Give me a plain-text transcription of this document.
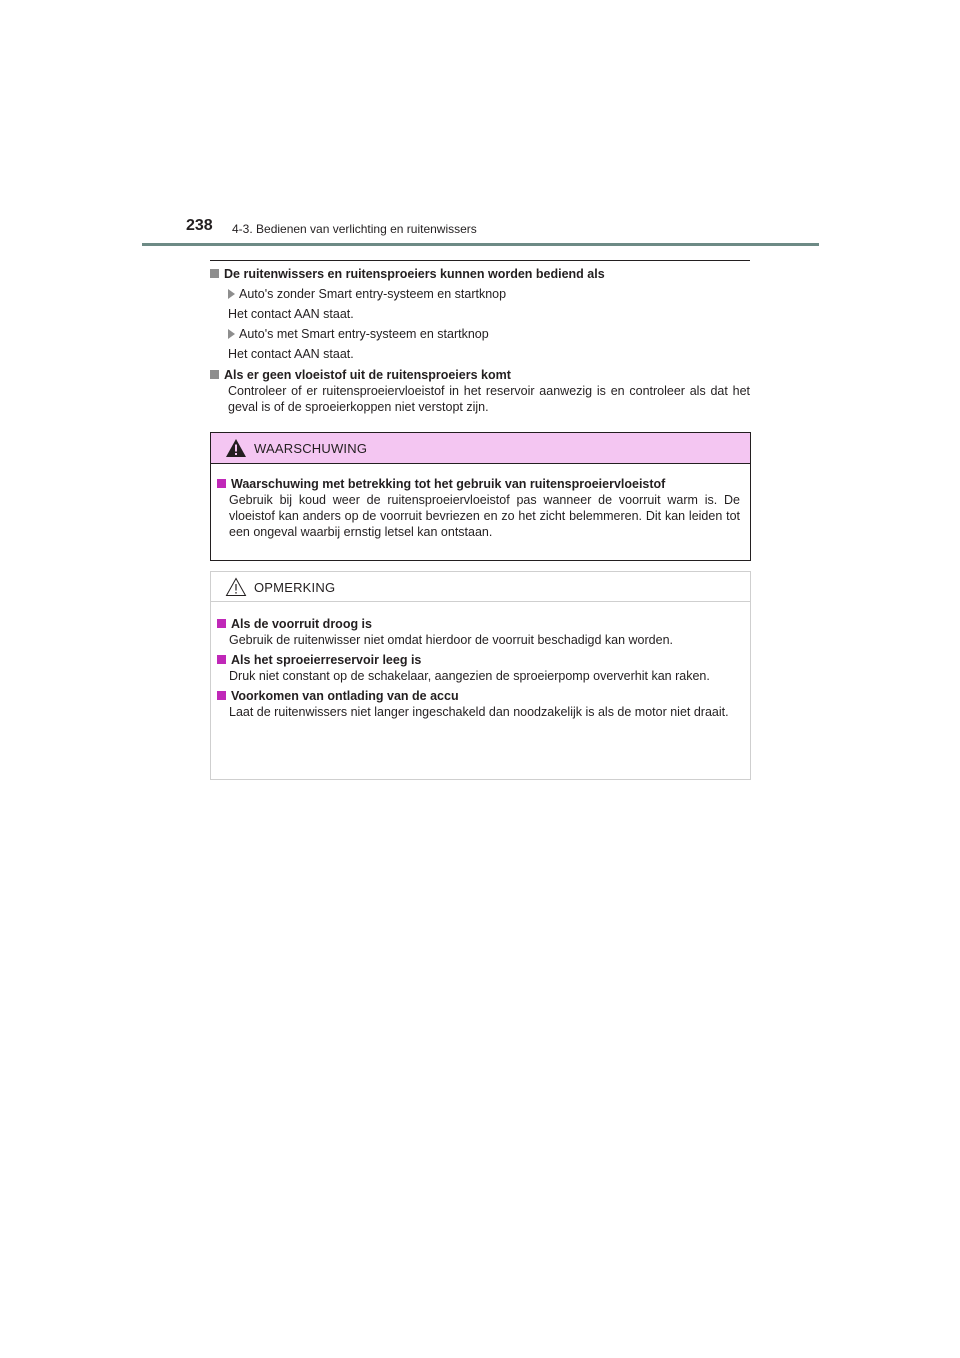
238 4-3. Bedienen van verlichting en ruitenwissers

De ruitenwissers en ruitensproeiers kunnen worden bediend als

Auto's zonder Smart entry-systeem en startknop
Het contact AAN staat.
Auto's met Smart entry-systeem en startknop
Het contact AAN staat.

Als er geen vloeistof uit de ruitensproeiers komt

Controleer of er ruitensproeiervloeistof in het reservoir aanwezig is en controleer als dat het geval is of de sproeierkoppen niet verstopt zijn.
WAARSCHUWING
Waarschuwing met betrekking tot het gebruik van ruitensproeiervloeistof
Gebruik bij koud weer de ruitensproeiervloeistof pas wanneer de voorruit warm is. De vloeistof kan anders op de voorruit bevriezen en zo het zicht belemmeren. Dit kan leiden tot een ongeval waarbij ernstig letsel kan ontstaan.
OPMERKING
Als de voorruit droog is
Gebruik de ruitenwisser niet omdat hierdoor de voorruit beschadigd kan worden.
Als het sproeierreservoir leeg is
Druk niet constant op de schakelaar, aangezien de sproeierpomp oververhit kan raken.
Voorkomen van ontlading van de accu
Laat de ruitenwissers niet langer ingeschakeld dan noodzakelijk is als de motor niet draait.
